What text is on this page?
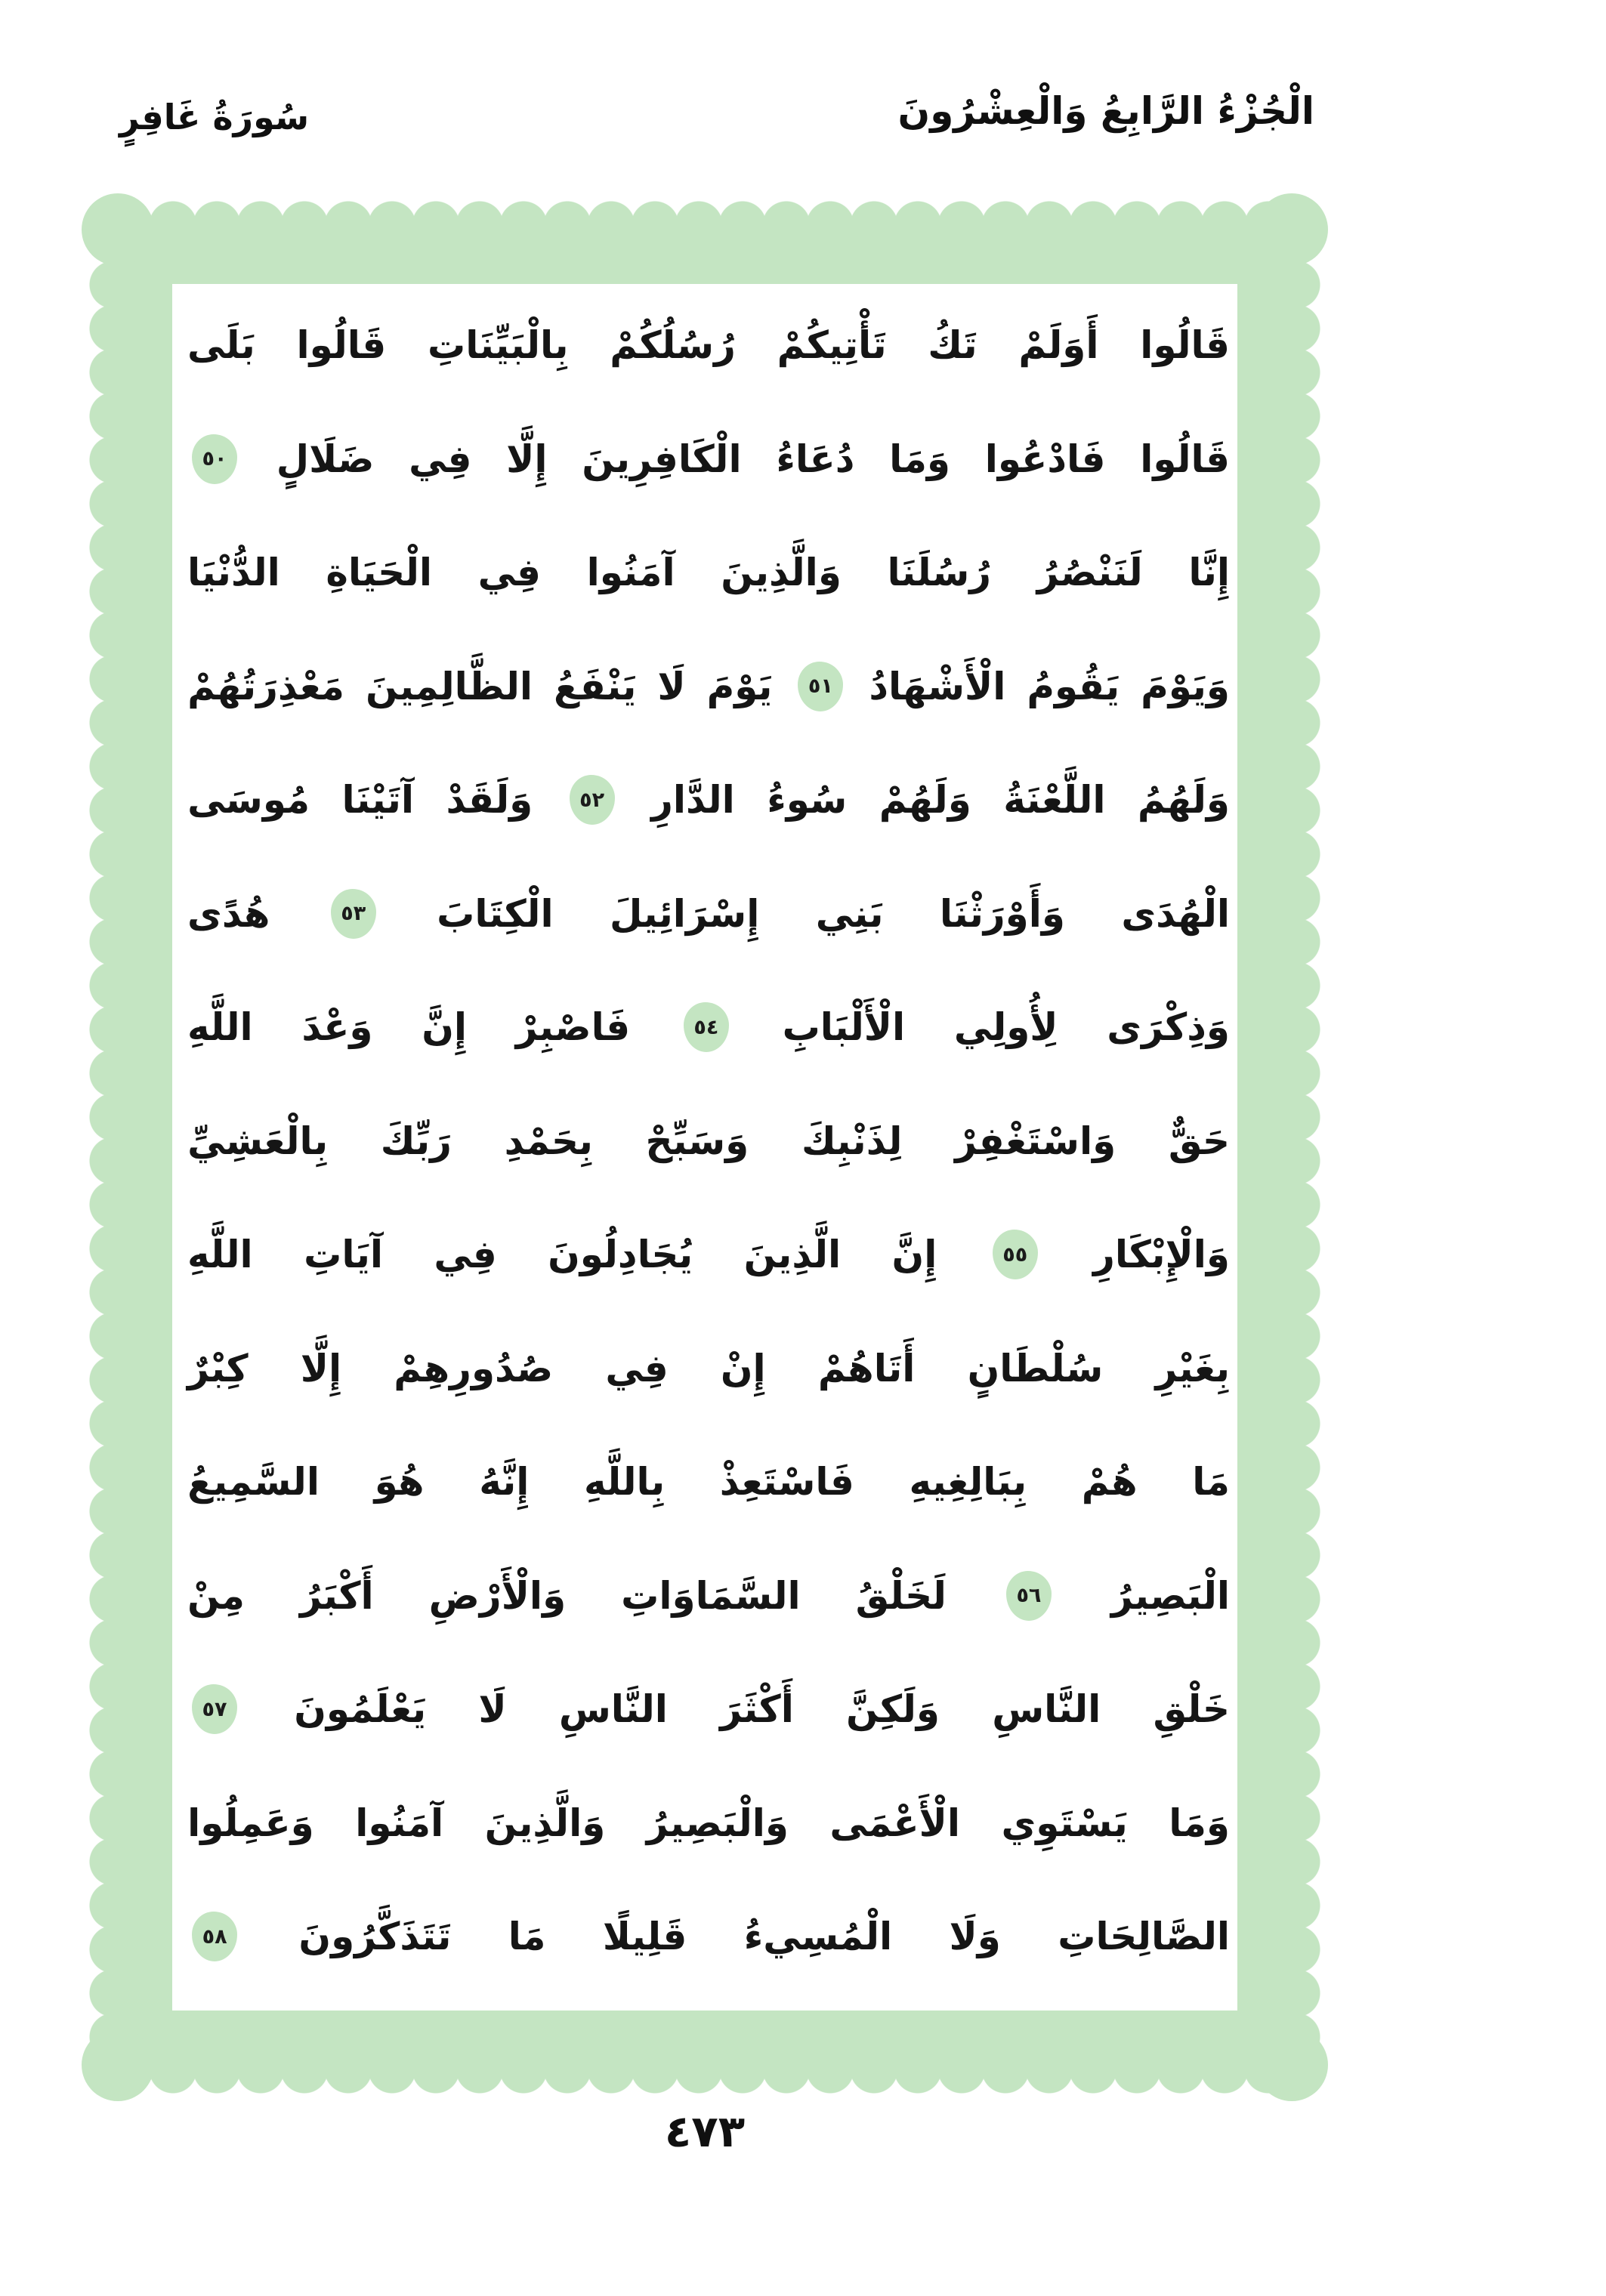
سُورَةُ غَافِرٍ	الْجُزْءُ الرَّابِعُ وَالْعِشْرُونَ
قَالُوا
أَوَلَمْ
تَكُ
تَأْتِيكُمْ
رُسُلُكُمْ
بِالْبَيِّنَاتِ
قَالُوا
بَلَى
قَالُوا
فَادْعُوا
وَمَا
دُعَاءُ
الْكَافِرِينَ
إِلَّا
فِي
ضَلَالٍ
٥٠
إِنَّا
لَنَنْصُرُ
رُسُلَنَا
وَالَّذِينَ
آمَنُوا
فِي
الْحَيَاةِ
الدُّنْيَا
وَيَوْمَ
يَقُومُ
الْأَشْهَادُ
٥١
يَوْمَ
لَا
يَنْفَعُ
الظَّالِمِينَ
مَعْذِرَتُهُمْ
وَلَهُمُ
اللَّعْنَةُ
وَلَهُمْ
سُوءُ
الدَّارِ
٥٢
وَلَقَدْ
آتَيْنَا
مُوسَى
الْهُدَى
وَأَوْرَثْنَا
بَنِي
إِسْرَائِيلَ
الْكِتَابَ
٥٣
هُدًى
وَذِكْرَى
لِأُولِي
الْأَلْبَابِ
٥٤
فَاصْبِرْ
إِنَّ
وَعْدَ
اللَّهِ
حَقٌّ
وَاسْتَغْفِرْ
لِذَنْبِكَ
وَسَبِّحْ
بِحَمْدِ
رَبِّكَ
بِالْعَشِيِّ
وَالْإِبْكَارِ
٥٥
إِنَّ
الَّذِينَ
يُجَادِلُونَ
فِي
آيَاتِ
اللَّهِ
بِغَيْرِ
سُلْطَانٍ
أَتَاهُمْ
إِنْ
فِي
صُدُورِهِمْ
إِلَّا
كِبْرٌ
مَا
هُمْ
بِبَالِغِيهِ
فَاسْتَعِذْ
بِاللَّهِ
إِنَّهُ
هُوَ
السَّمِيعُ
الْبَصِيرُ
٥٦
لَخَلْقُ
السَّمَاوَاتِ
وَالْأَرْضِ
أَكْبَرُ
مِنْ
خَلْقِ
النَّاسِ
وَلَكِنَّ
أَكْثَرَ
النَّاسِ
لَا
يَعْلَمُونَ
٥٧
وَمَا
يَسْتَوِي
الْأَعْمَى
وَالْبَصِيرُ
وَالَّذِينَ
آمَنُوا
وَعَمِلُوا
الصَّالِحَاتِ
وَلَا
الْمُسِيءُ
قَلِيلًا
مَا
تَتَذَكَّرُونَ
٥٨
٤٧٣
